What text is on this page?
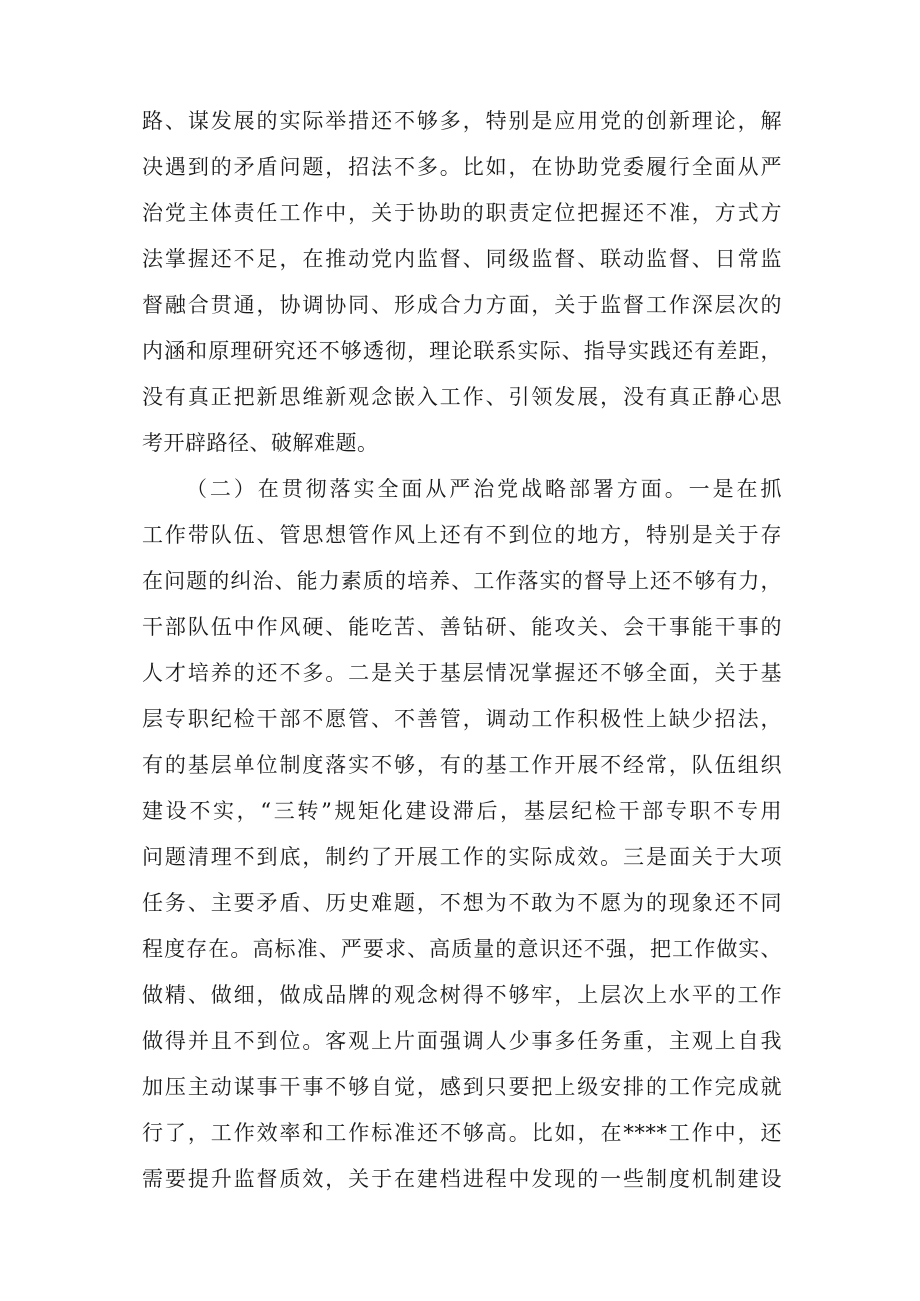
路、谋发展的实际举措还不够多，特别是应用党的创新理论，解
决遇到的矛盾问题，招法不多。比如，在协助党委履行全面从严
治党主体责任工作中，关于协助的职责定位把握还不准，方式方
法掌握还不足，在推动党内监督、同级监督、联动监督、日常监
督融合贯通，协调协同、形成合力方面，关于监督工作深层次的
内涵和原理研究还不够透彻，理论联系实际、指导实践还有差距，
没有真正把新思维新观念嵌入工作、引领发展，没有真正静心思
考开辟路径、破解难题。
（二）在贯彻落实全面从严治党战略部署方面。一是在抓
工作带队伍、管思想管作风上还有不到位的地方，特别是关于存
在问题的纠治、能力素质的培养、工作落实的督导上还不够有力，
干部队伍中作风硬、能吃苦、善钻研、能攻关、会干事能干事的
人才培养的还不多。二是关于基层情况掌握还不够全面，关于基
层专职纪检干部不愿管、不善管，调动工作积极性上缺少招法，
有的基层单位制度落实不够，有的基工作开展不经常，队伍组织
建设不实，“三转”规矩化建设滞后，基层纪检干部专职不专用
问题清理不到底，制约了开展工作的实际成效。三是面关于大项
任务、主要矛盾、历史难题，不想为不敢为不愿为的现象还不同
程度存在。高标准、严要求、高质量的意识还不强，把工作做实、
做精、做细，做成品牌的观念树得不够牢，上层次上水平的工作
做得并且不到位。客观上片面强调人少事多任务重，主观上自我
加压主动谋事干事不够自觉，感到只要把上级安排的工作完成就
行了，工作效率和工作标准还不够高。比如，在****工作中，还
需要提升监督质效，关于在建档进程中发现的一些制度机制建设
